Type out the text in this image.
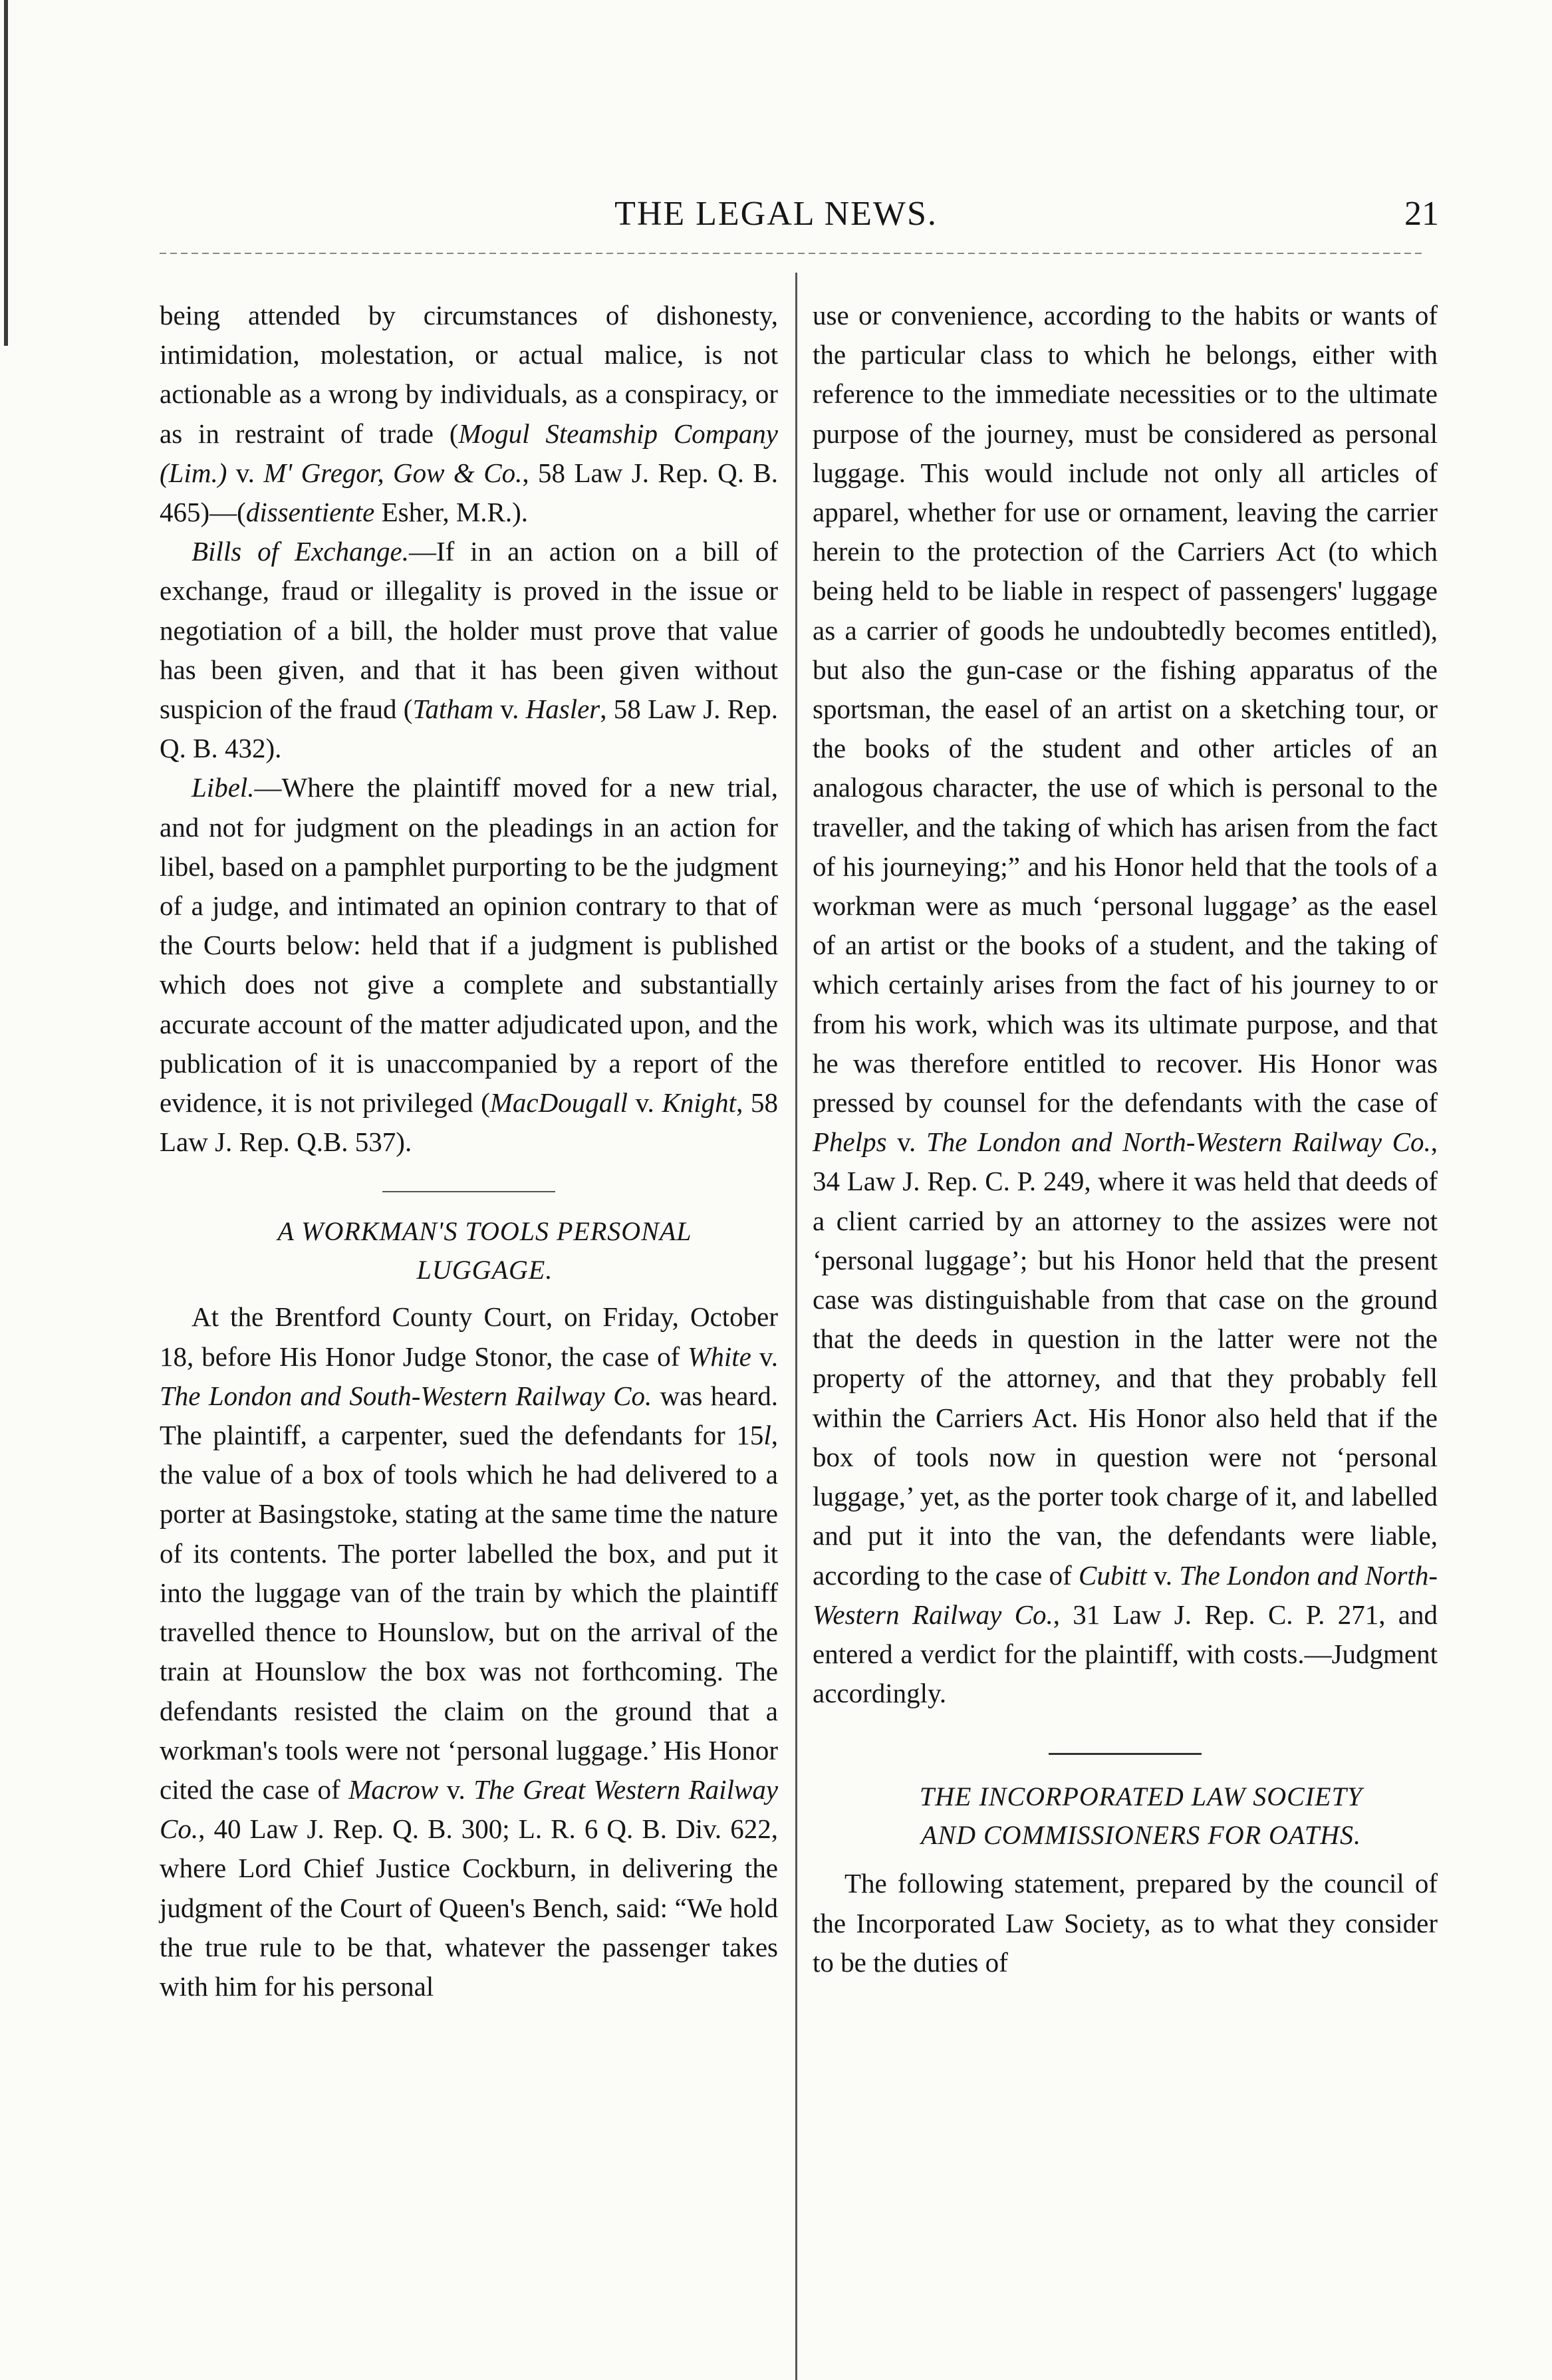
THE LEGAL NEWS.	21

being attended by circumstances of dishonesty, intimidation, molestation, or actual malice, is not actionable as a wrong by individuals, as a conspiracy, or as in restraint of trade (Mogul Steamship Company (Lim.) v. M' Gregor, Gow & Co., 58 Law J. Rep. Q. B. 465)—(dissentiente Esher, M.R.).

Bills of Exchange.—If in an action on a bill of exchange, fraud or illegality is proved in the issue or negotiation of a bill, the holder must prove that value has been given, and that it has been given without suspicion of the fraud (Tatham v. Hasler, 58 Law J. Rep. Q. B. 432).

Libel.—Where the plaintiff moved for a new trial, and not for judgment on the pleadings in an action for libel, based on a pamphlet purporting to be the judgment of a judge, and intimated an opinion contrary to that of the Courts below: held that if a judgment is published which does not give a complete and substantially accurate account of the matter adjudicated upon, and the publication of it is unaccompanied by a report of the evidence, it is not privileged (MacDougall v. Knight, 58 Law J. Rep. Q.B. 537).

A WORKMAN'S TOOLS PERSONAL

LUGGAGE.

At the Brentford County Court, on Friday, October 18, before His Honor Judge Stonor, the case of White v. The London and South-Western Railway Co. was heard. The plaintiff, a carpenter, sued the defendants for 15l, the value of a box of tools which he had delivered to a porter at Basingstoke, stating at the same time the nature of its contents. The porter labelled the box, and put it into the luggage van of the train by which the plaintiff travelled thence to Hounslow, but on the arrival of the train at Hounslow the box was not forthcoming. The defendants resisted the claim on the ground that a workman's tools were not ‘personal luggage.’ His Honor cited the case of Macrow v. The Great Western Railway Co., 40 Law J. Rep. Q. B. 300; L. R. 6 Q. B. Div. 622, where Lord Chief Justice Cockburn, in delivering the judgment of the Court of Queen's Bench, said: “We hold the true rule to be that, whatever the passenger takes with him for his personal

use or convenience, according to the habits or wants of the particular class to which he belongs, either with reference to the immediate necessities or to the ultimate purpose of the journey, must be considered as personal luggage. This would include not only all articles of apparel, whether for use or ornament, leaving the carrier herein to the protection of the Carriers Act (to which being held to be liable in respect of passengers' luggage as a carrier of goods he undoubtedly becomes entitled), but also the gun-case or the fishing apparatus of the sportsman, the easel of an artist on a sketching tour, or the books of the student and other articles of an analogous character, the use of which is personal to the traveller, and the taking of which has arisen from the fact of his journeying;” and his Honor held that the tools of a workman were as much ‘personal luggage’ as the easel of an artist or the books of a student, and the taking of which certainly arises from the fact of his journey to or from his work, which was its ultimate purpose, and that he was therefore entitled to recover. His Honor was pressed by counsel for the defendants with the case of Phelps v. The London and North-Western Railway Co., 34 Law J. Rep. C. P. 249, where it was held that deeds of a client carried by an attorney to the assizes were not ‘personal luggage’; but his Honor held that the present case was distinguishable from that case on the ground that the deeds in question in the latter were not the property of the attorney, and that they probably fell within the Carriers Act. His Honor also held that if the box of tools now in question were not ‘personal luggage,’ yet, as the porter took charge of it, and labelled and put it into the van, the defendants were liable, according to the case of Cubitt v. The London and North-Western Railway Co., 31 Law J. Rep. C. P. 271, and entered a verdict for the plaintiff, with costs.—Judgment accordingly.

THE INCORPORATED LAW SOCIETY

AND COMMISSIONERS FOR OATHS.

The following statement, prepared by the council of the Incorporated Law Society, as to what they consider to be the duties of
